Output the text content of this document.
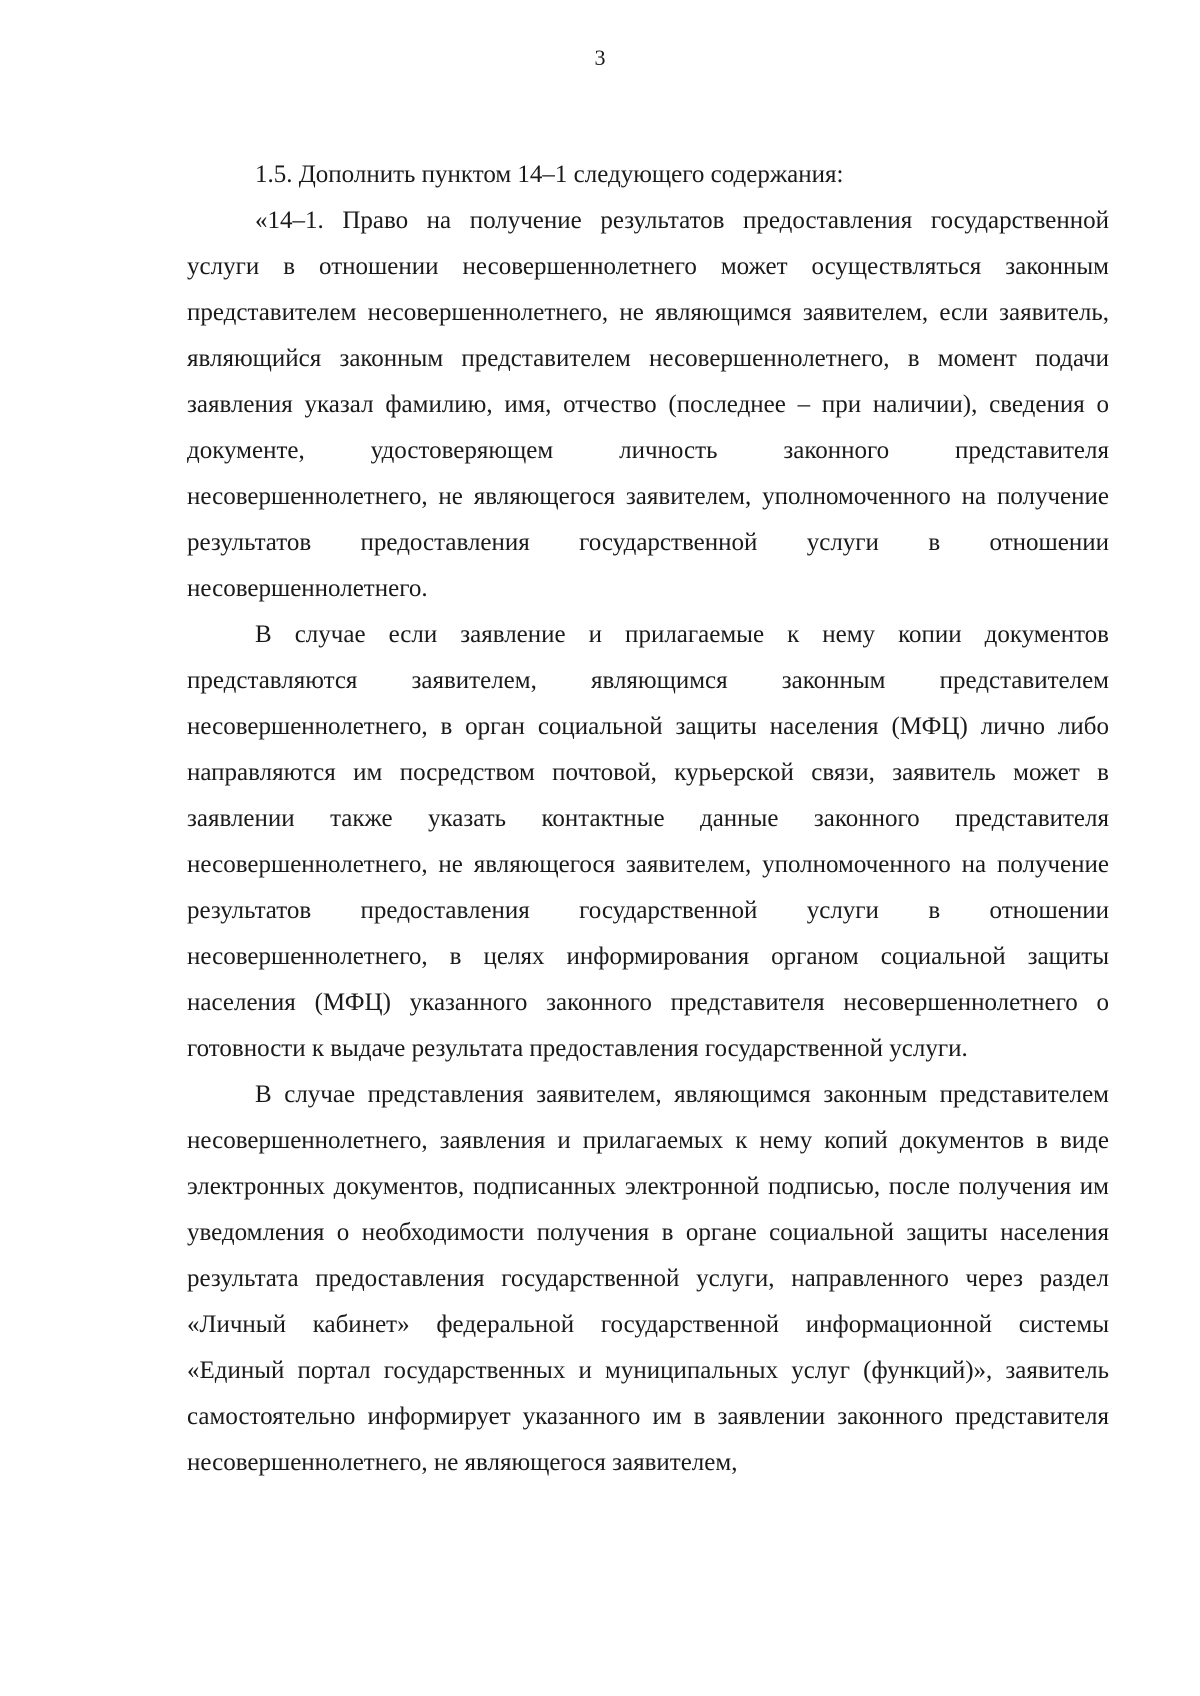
3

1.5. Дополнить пунктом 14–1 следующего содержания:

«14–1. Право на получение результатов предоставления государственной услуги в отношении несовершеннолетнего может осуществляться законным представителем несовершеннолетнего, не являющимся заявителем, если заявитель, являющийся законным представителем несовершеннолетнего, в момент подачи заявления указал фамилию, имя, отчество (последнее – при наличии), сведения о документе, удостоверяющем личность законного представителя несовершеннолетнего, не являющегося заявителем, уполномоченного на получение результатов предоставления государственной услуги в отношении несовершеннолетнего.

В случае если заявление и прилагаемые к нему копии документов представляются заявителем, являющимся законным представителем несовершеннолетнего, в орган социальной защиты населения (МФЦ) лично либо направляются им посредством почтовой, курьерской связи, заявитель может в заявлении также указать контактные данные законного представителя несовершеннолетнего, не являющегося заявителем, уполномоченного на получение результатов предоставления государственной услуги в отношении несовершеннолетнего, в целях информирования органом социальной защиты населения (МФЦ) указанного законного представителя несовершеннолетнего о готовности к выдаче результата предоставления государственной услуги.

В случае представления заявителем, являющимся законным представителем несовершеннолетнего, заявления и прилагаемых к нему копий документов в виде электронных документов, подписанных электронной подписью, после получения им уведомления о необходимости получения в органе социальной защиты населения результата предоставления государственной услуги, направленного через раздел «Личный кабинет» федеральной государственной информационной системы «Единый портал государственных и муниципальных услуг (функций)», заявитель самостоятельно информирует указанного им в заявлении законного представителя несовершеннолетнего, не являющегося заявителем,
